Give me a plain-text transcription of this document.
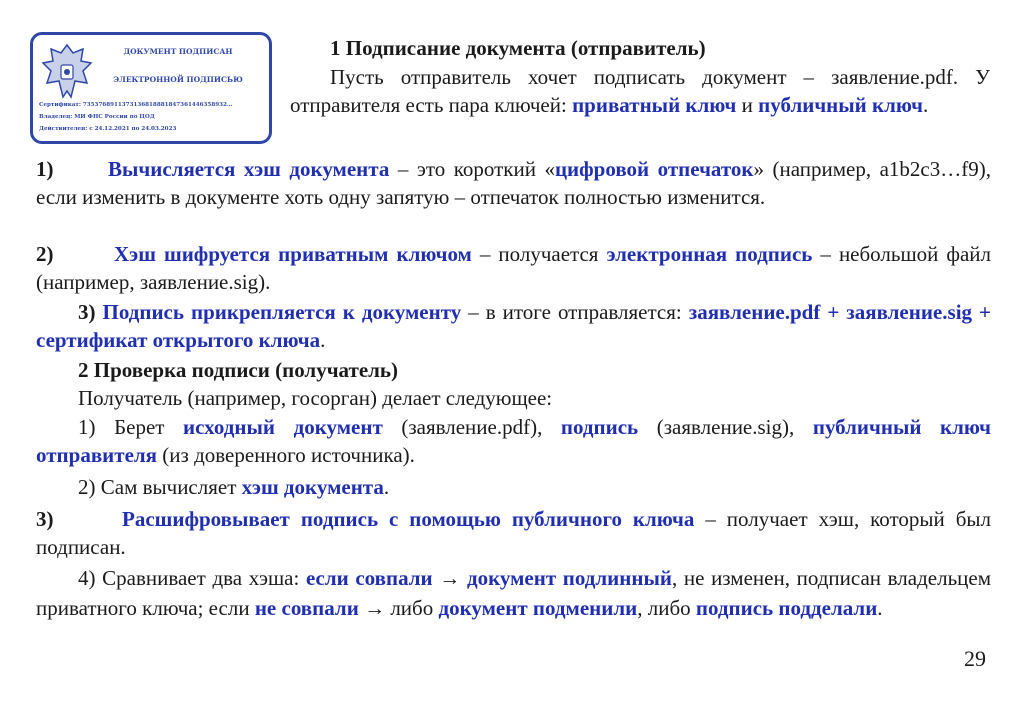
ДОКУМЕНТ ПОДПИСАН
ЭЛЕКТРОННОЙ ПОДПИСЬЮ
Сертификат: 7353768911373136818881847361446358932…
Владелец: МИ ФНС России по ЦОД
Действителен: с 24.12.2021 по 24.03.2023
1 Подписание документа (отправитель)
Пусть отправитель хочет подписать документ – заявление.pdf. У отправителя есть пара ключей: приватный ключ и публичный ключ.
1)	Вычисляется хэш документа – это короткий «цифровой отпечаток» (например, a1b2c3…f9), если изменить в документе хоть одну запятую – отпечаток полностью изменится.
2)	Хэш шифруется приватным ключом – получается электронная подпись – небольшой файл (например, заявление.sig).
3) Подпись прикрепляется к документу – в итоге отправляется: заявление.pdf + заявление.sig + сертификат открытого ключа.
2 Проверка подписи (получатель)
Получатель (например, госорган) делает следующее:
1) Берет исходный документ (заявление.pdf), подпись (заявление.sig), публичный ключ отправителя (из доверенного источника).
2) Сам вычисляет хэш документа.
3)	Расшифровывает подпись с помощью публичного ключа – получает хэш, который был подписан.
4) Сравнивает два хэша: если совпали → документ подлинный, не изменен, подписан владельцем приватного ключа; если не совпали → либо документ подменили, либо подпись подделали.
29
